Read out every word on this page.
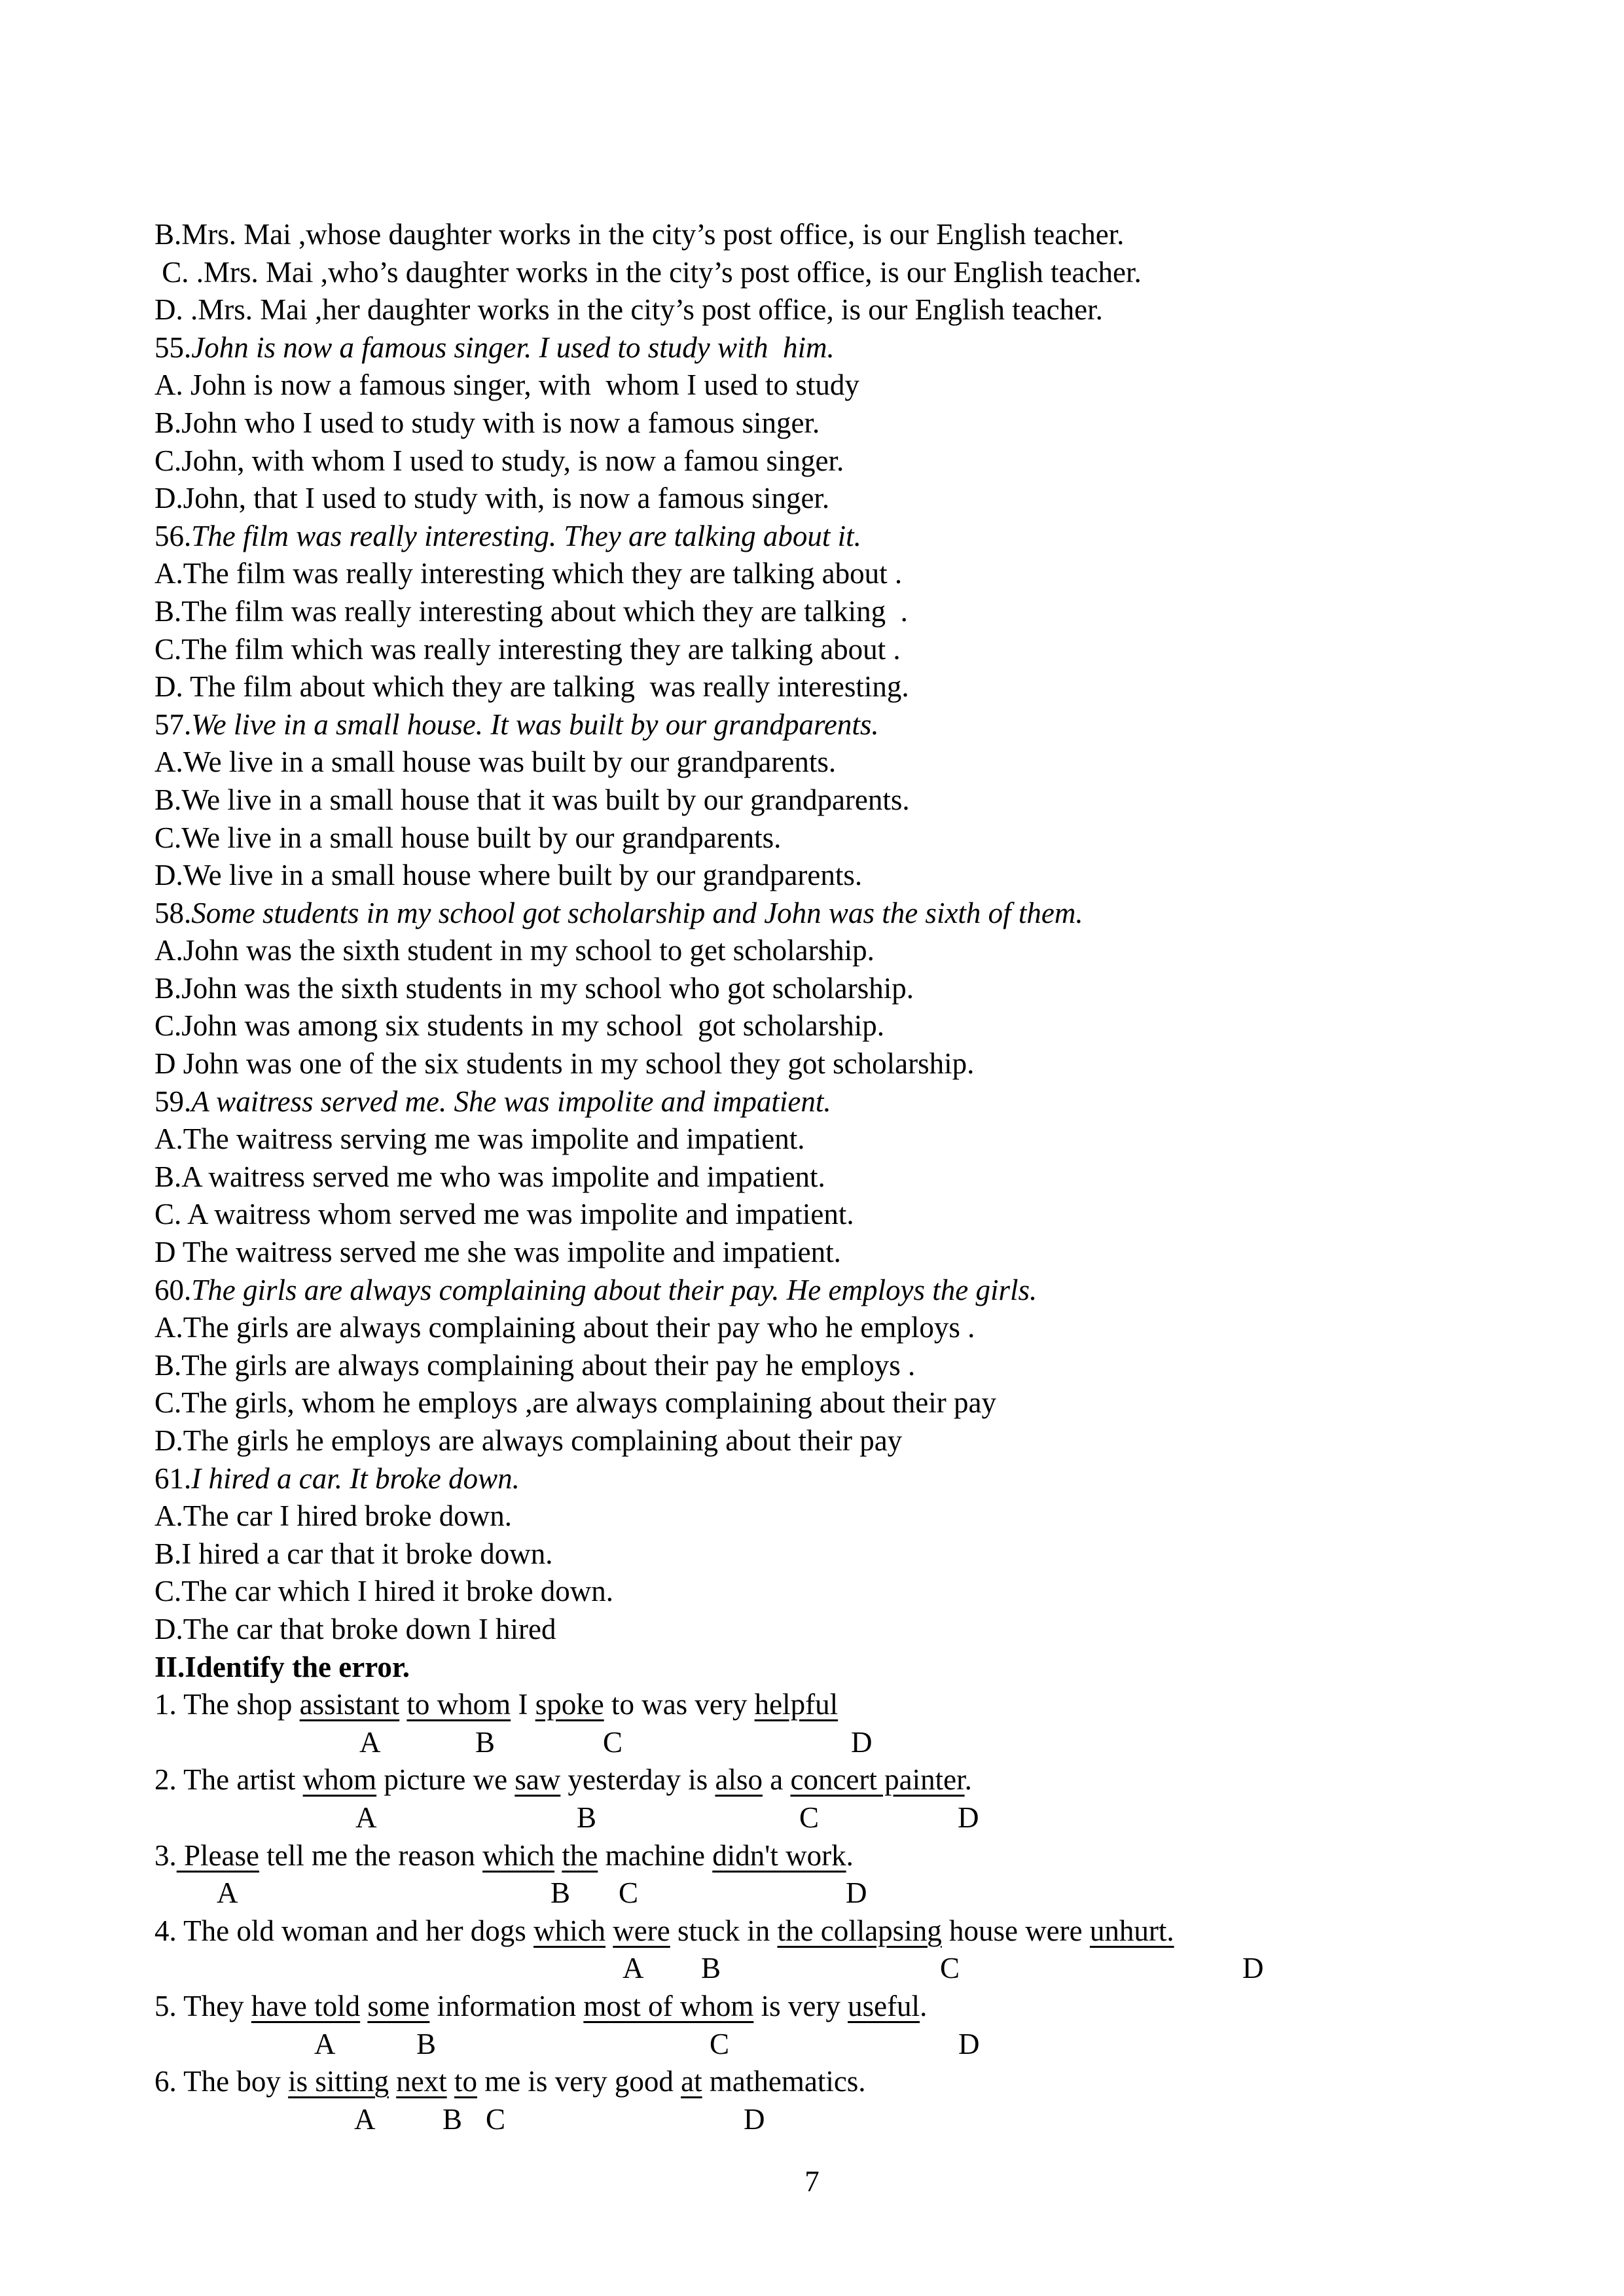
B.Mrs. Mai ,whose daughter works in the city’s post office, is our English teacher.
C. .Mrs. Mai ,who’s daughter works in the city’s post office, is our English teacher.
D. .Mrs. Mai ,her daughter works in the city’s post office, is our English teacher.
55.John is now a famous singer. I used to study with  him.
A. John is now a famous singer, with  whom I used to study
B.John who I used to study with is now a famous singer.
C.John, with whom I used to study, is now a famou singer.
D.John, that I used to study with, is now a famous singer.
56.The film was really interesting. They are talking about it.
A.The film was really interesting which they are talking about .
B.The film was really interesting about which they are talking  .
C.The film which was really interesting they are talking about .
D. The film about which they are talking  was really interesting.
57.We live in a small house. It was built by our grandparents.
A.We live in a small house was built by our grandparents.
B.We live in a small house that it was built by our grandparents.
C.We live in a small house built by our grandparents.
D.We live in a small house where built by our grandparents.
58.Some students in my school got scholarship and John was the sixth of them.
A.John was the sixth student in my school to get scholarship.
B.John was the sixth students in my school who got scholarship.
C.John was among six students in my school  got scholarship.
D John was one of the six students in my school they got scholarship.
59.A waitress served me. She was impolite and impatient.
A.The waitress serving me was impolite and impatient.
B.A waitress served me who was impolite and impatient.
C. A waitress whom served me was impolite and impatient.
D The waitress served me she was impolite and impatient.
60.The girls are always complaining about their pay. He employs the girls.
A.The girls are always complaining about their pay who he employs .
B.The girls are always complaining about their pay he employs .
C.The girls, whom he employs ,are always complaining about their pay
D.The girls he employs are always complaining about their pay
61.I hired a car. It broke down.
A.The car I hired broke down.
B.I hired a car that it broke down.
C.The car which I hired it broke down.
D.The car that broke down I hired
II.Identify the error.
1. The shop assistant to whom I spoke to was very helpful
A	B	C	D
2. The artist whom picture we saw yesterday is also a concert painter.
A	B	C	D
3. Please tell me the reason which the machine didn't work.
A	B C	D
4. The old woman and her dogs which were stuck in the collapsing house were unhurt.
A B	C	D
5. They have told some information most of whom is very useful.
A	B	C	D
6. The boy is sitting next to me is very good at mathematics.
A B C	D
7
